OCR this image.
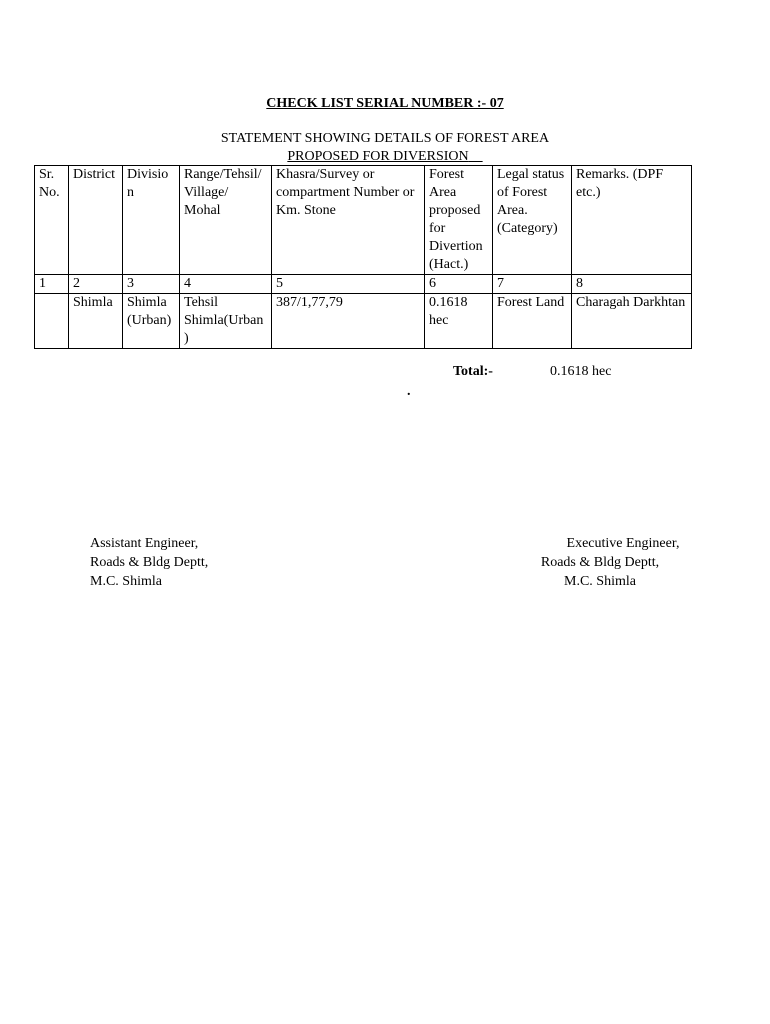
CHECK LIST SERIAL NUMBER :- 07
STATEMENT SHOWING DETAILS OF FOREST AREA
PROPOSED FOR DIVERSION
Sr. No.	District	Division	Range/Tehsil/ Village/ Mohal	Khasra/Survey or compartment Number or Km. Stone	Forest Area proposed for Divertion (Hact.)	Legal status of Forest Area. (Category)	Remarks. (DPF etc.)
1	2	3	4	5	6	7	8
	Shimla	Shimla (Urban)	Tehsil Shimla(Urban)	387/1,77,79	0.1618 hec	Forest Land	Charagah Darkhtan
Total:-	0.1618 hec
.
Assistant Engineer,
Roads & Bldg Deptt,
M.C. Shimla
Executive Engineer,
Roads & Bldg Deptt,
M.C. Shimla
